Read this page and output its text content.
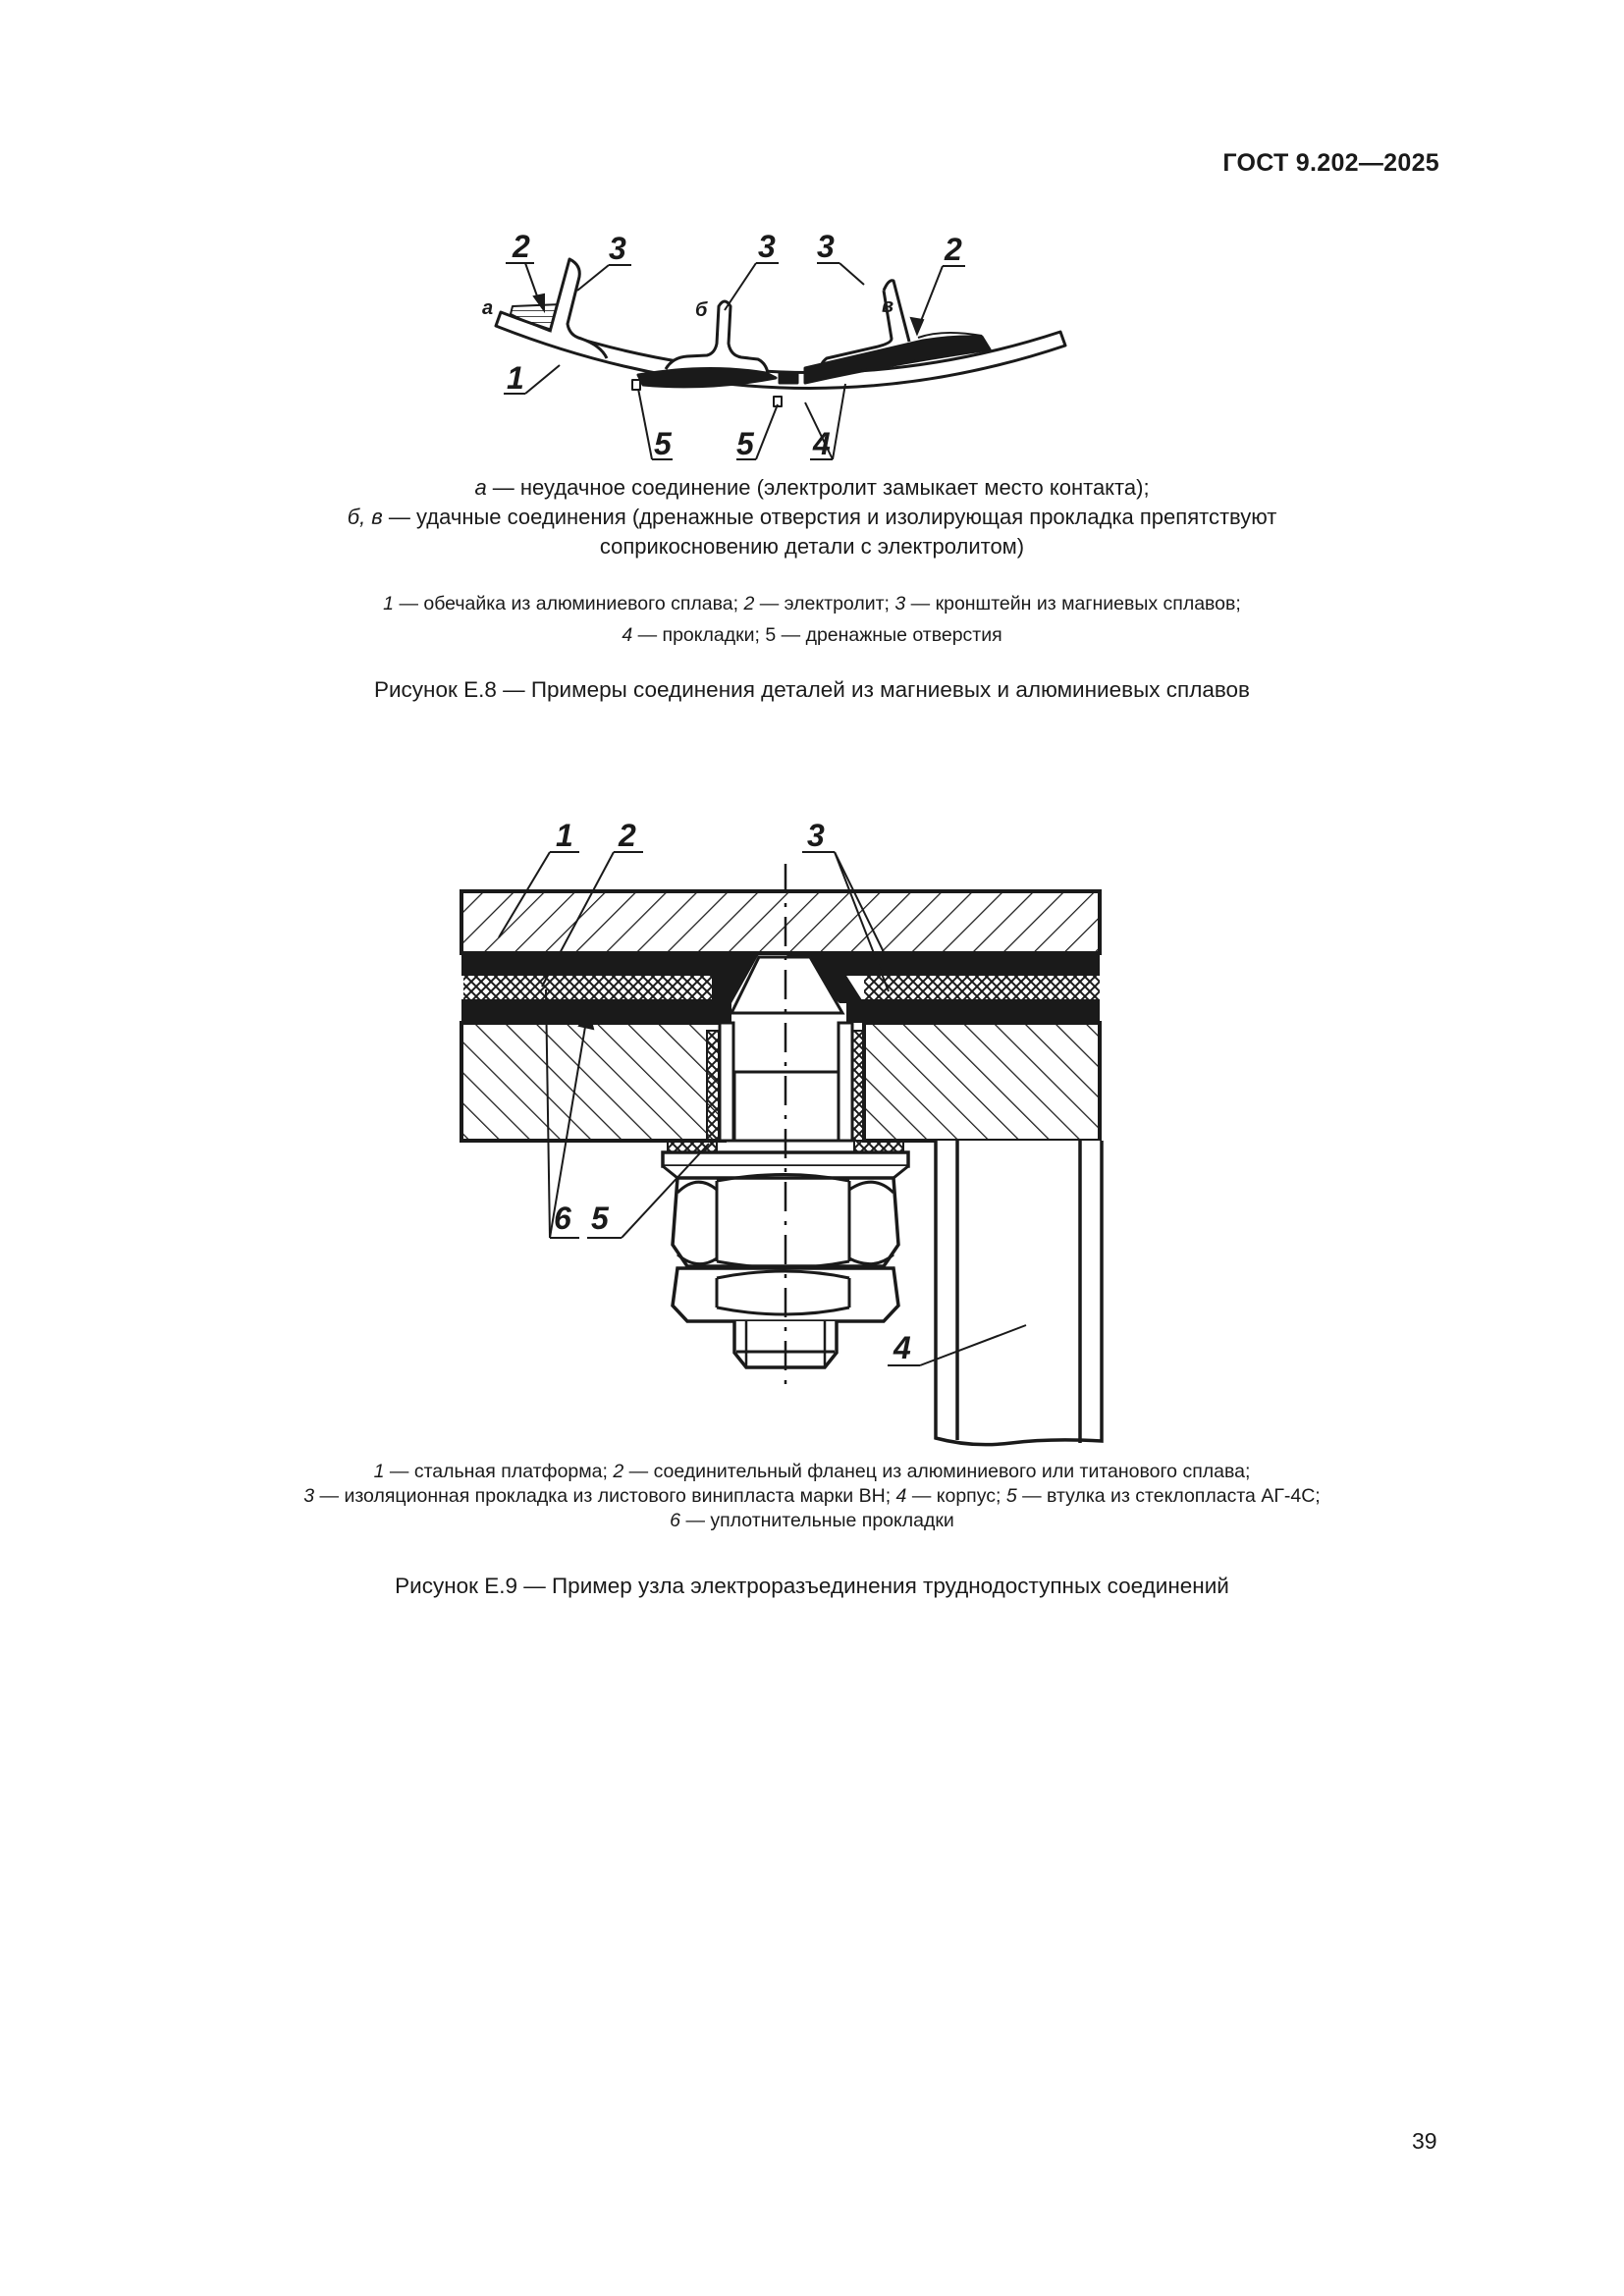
ГОСТ 9.202—2025
2	3
а
1
б
3 3
в
2
5 5 4
а — неудачное соединение (электролит замыкает место контакта);
б, в — удачные соединения (дренажные отверстия и изолирующая прокладка препятствуют
соприкосновению детали с электролитом)
1 — обечайка из алюминиевого сплава; 2 — электролит; 3 — кронштейн из магниевых сплавов;
4 — прокладки; 5 — дренажные отверстия
Рисунок Е.8 — Примеры соединения деталей из магниевых и алюминиевых сплавов
1 2	3
6 5
4
1 — стальная платформа; 2 — соединительный фланец из алюминиевого или титанового сплава;
3 — изоляционная прокладка из листового винипласта марки ВН; 4 — корпус; 5 — втулка из стеклопласта АГ-4С;
6 — уплотнительные прокладки
Рисунок Е.9 — Пример узла электроразъединения труднодоступных соединений
39
